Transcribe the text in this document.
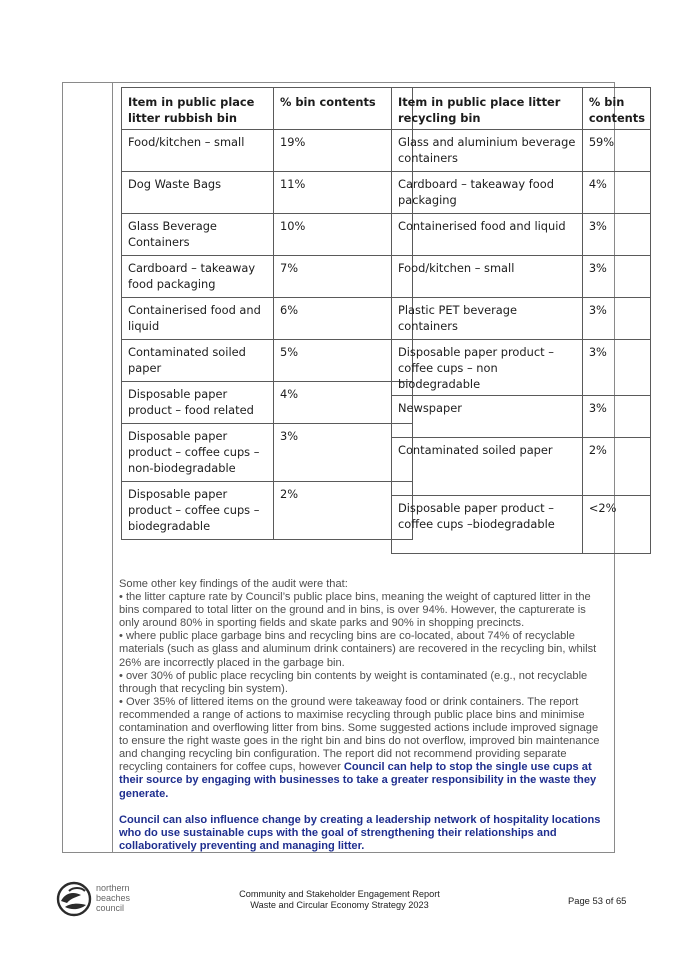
Item in public place litter rubbish bin	% bin contents
Food/kitchen – small	19%
Dog Waste Bags	11%
Glass Beverage Containers	10%
Cardboard – takeaway food packaging	7%
Containerised food and liquid	6%
Contaminated soiled paper	5%
Disposable paper product – food related	4%
Disposable paper product – coffee cups – non-biodegradable	3%
Disposable paper product – coffee cups – biodegradable	2%
Item in public place litter recycling bin	% bin contents
Glass and aluminium beverage containers	59%
Cardboard – takeaway food packaging	4%
Containerised food and liquid	3%
Food/kitchen – small	3%
Plastic PET beverage containers	3%
Disposable paper product – coffee cups – non biodegradable	3%
Newspaper	3%
Contaminated soiled paper	2%
Disposable paper product – coffee cups –biodegradable	<2%

Some other key findings of the audit were that:

• the litter capture rate by Council’s public place bins, meaning the weight of captured litter in the bins compared to total litter on the ground and in bins, is over 94%. However, the capturerate is only around 80% in sporting fields and skate parks and 90% in shopping precincts.

• where public place garbage bins and recycling bins are co-located, about 74% of recyclable materials (such as glass and aluminum drink containers) are recovered in the recycling bin, whilst 26% are incorrectly placed in the garbage bin.

• over 30% of public place recycling bin contents by weight is contaminated (e.g., not recyclable through that recycling bin system).

• Over 35% of littered items on the ground were takeaway food or drink containers. The report recommended a range of actions to maximise recycling through public place bins and minimise contamination and overflowing litter from bins. Some suggested actions include improved signage to ensure the right waste goes in the right bin and bins do not overflow, improved bin maintenance and changing recycling bin configuration. The report did not recommend providing separate recycling containers for coffee cups, however Council can help to stop the single use cups at their source by engaging with businesses to take a greater responsibility in the waste they generate.

Council can also influence change by creating a leadership network of hospitality locations who do use sustainable cups with the goal of strengthening their relationships and collaboratively preventing and managing litter.

northern
beaches
council
Community and Stakeholder Engagement Report
Waste and Circular Economy Strategy 2023	Page 53 of 65
